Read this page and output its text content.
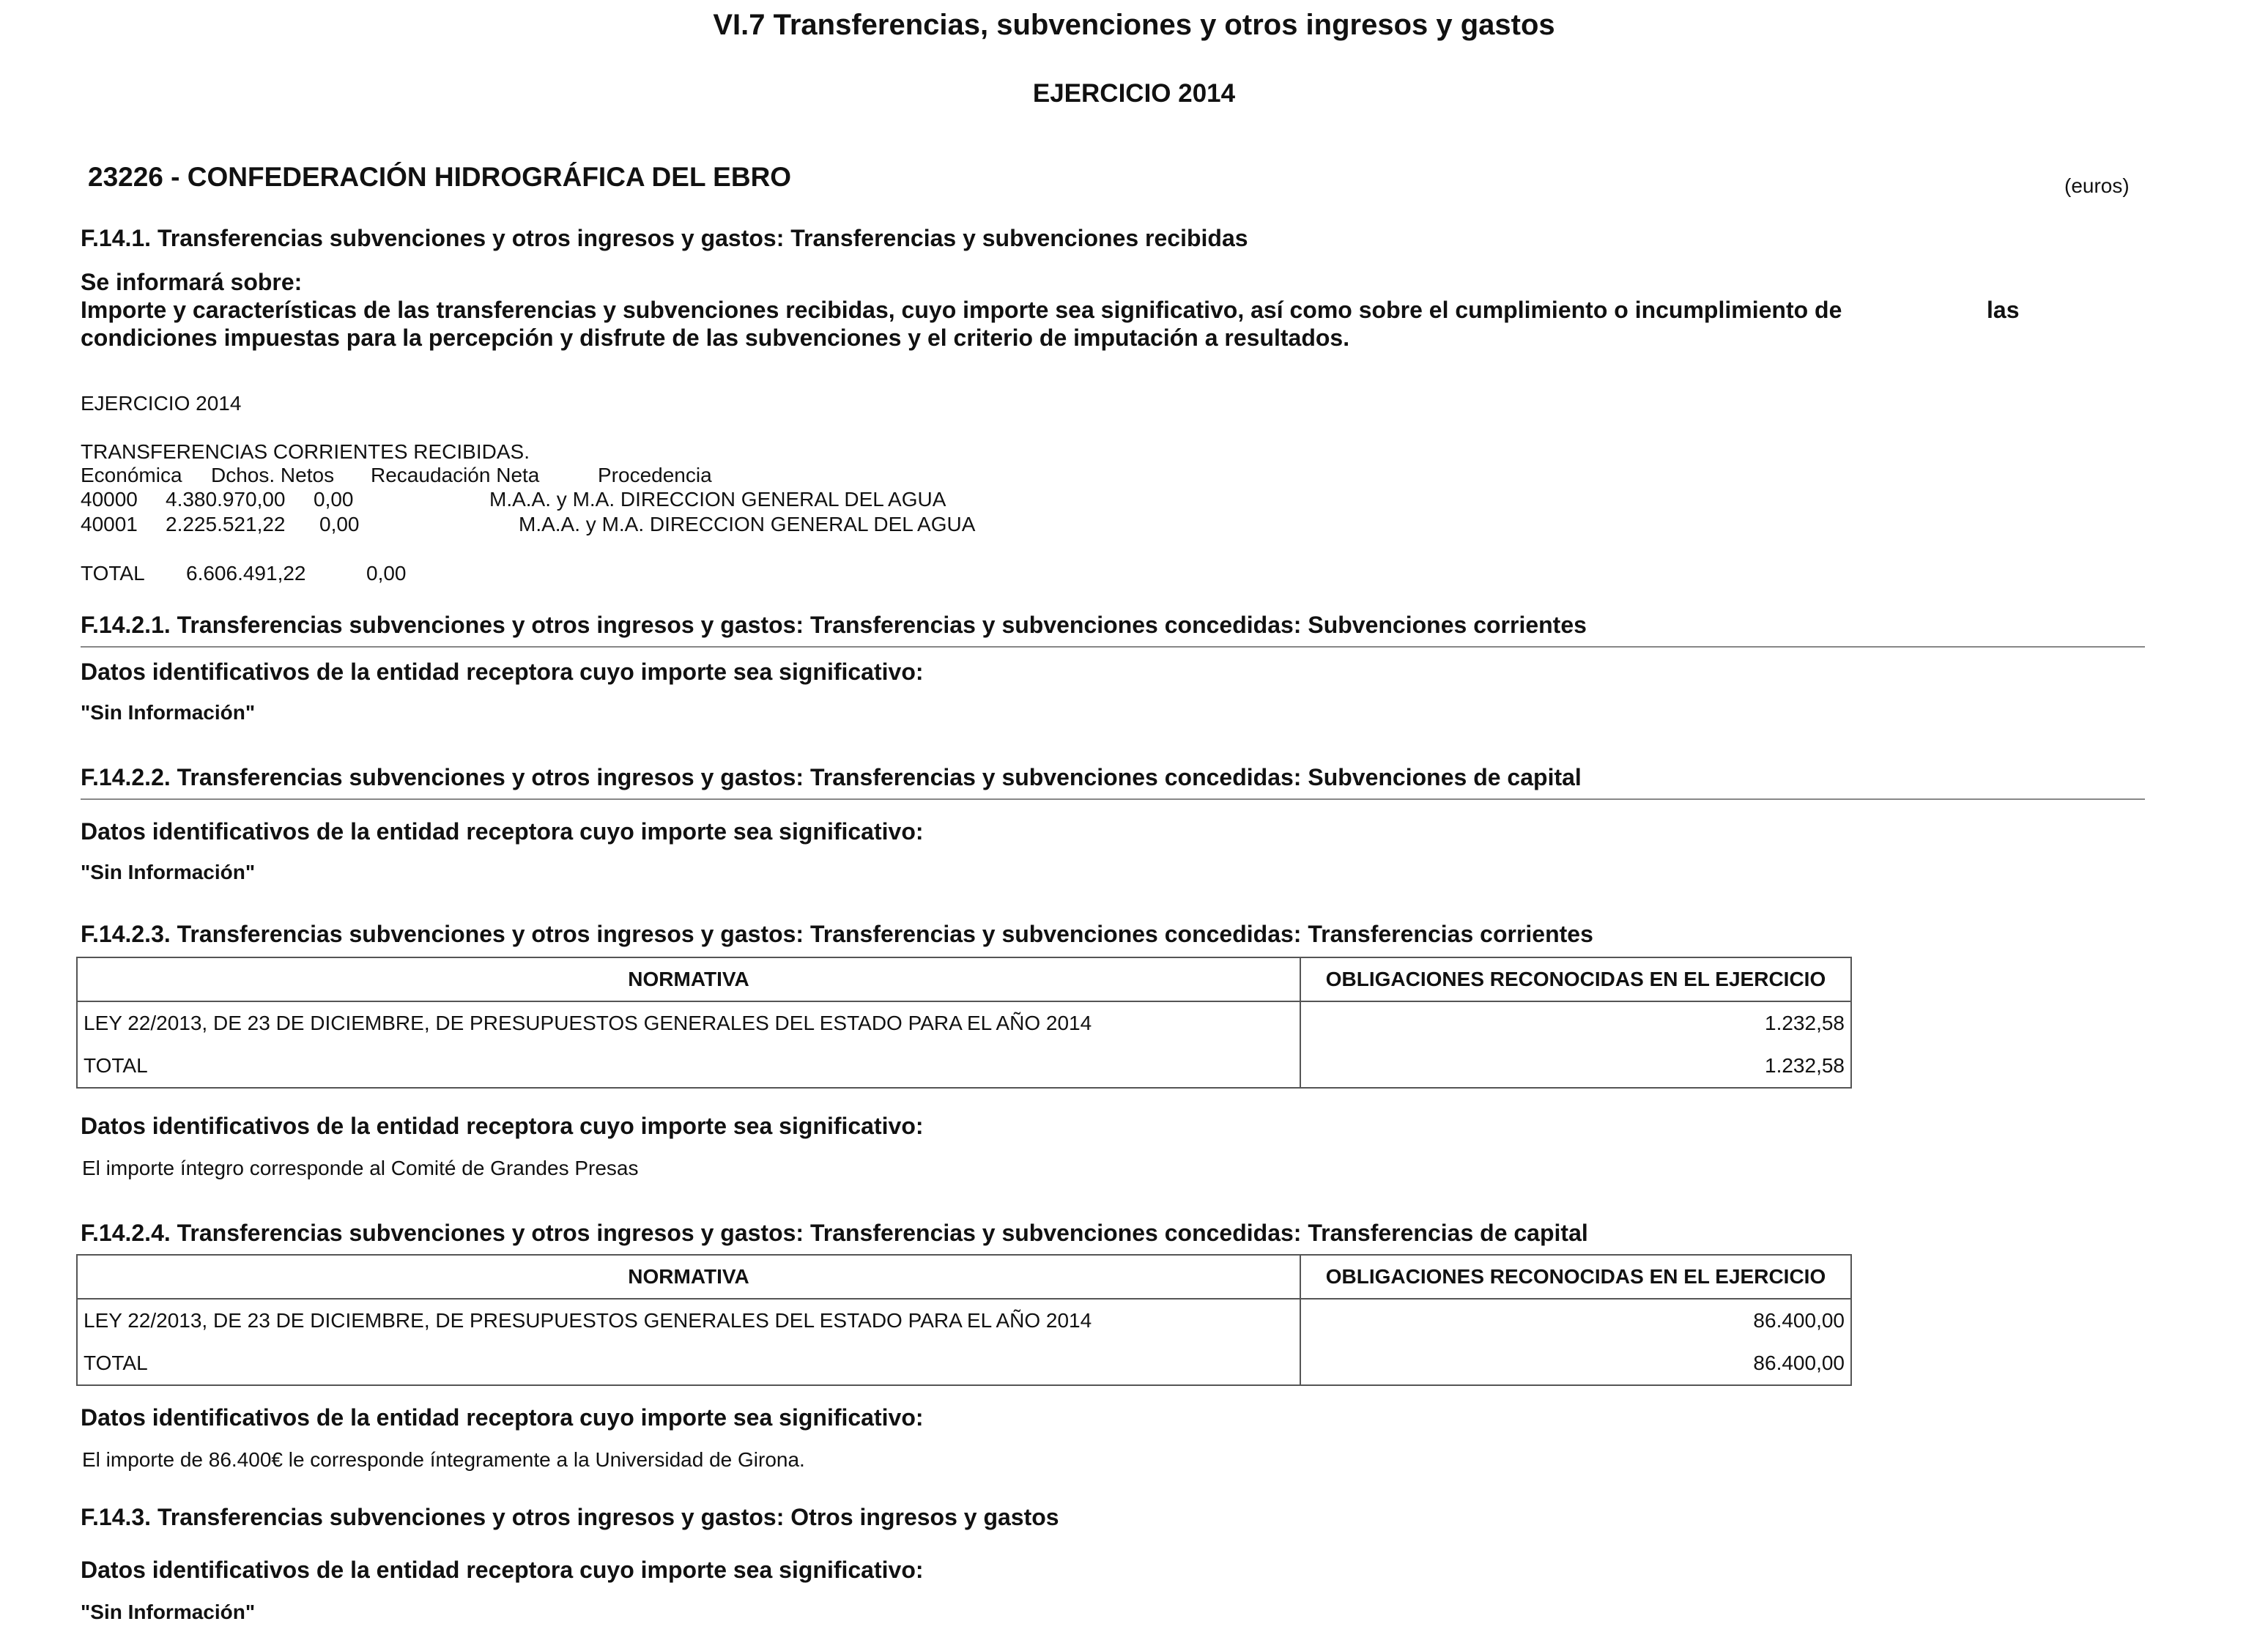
VI.7 Transferencias, subvenciones y otros ingresos y gastos
EJERCICIO 2014
23226 - CONFEDERACIÓN HIDROGRÁFICA DEL EBRO	(euros)
F.14.1. Transferencias subvenciones y otros ingresos y gastos: Transferencias y subvenciones recibidas
Se informará sobre:
Importe y características de las transferencias y subvenciones recibidas, cuyo importe sea significativo, así como sobre el cumplimiento o incumplimiento de	las
condiciones impuestas para la percepción y disfrute de las subvenciones y el criterio de imputación a resultados.
EJERCICIO 2014
TRANSFERENCIAS CORRIENTES RECIBIDAS.
Económica Dchos. Netos Recaudación Neta	Procedencia
40000 4.380.970,00 0,00	M.A.A. y M.A. DIRECCION GENERAL DEL AGUA
40001 2.225.521,22 0,00	M.A.A. y M.A. DIRECCION GENERAL DEL AGUA
TOTAL 6.606.491,22	0,00
F.14.2.1. Transferencias subvenciones y otros ingresos y gastos: Transferencias y subvenciones concedidas: Subvenciones corrientes
Datos identificativos de la entidad receptora cuyo importe sea significativo:
"Sin Información"
F.14.2.2. Transferencias subvenciones y otros ingresos y gastos: Transferencias y subvenciones concedidas: Subvenciones de capital
Datos identificativos de la entidad receptora cuyo importe sea significativo:
"Sin Información"
F.14.2.3. Transferencias subvenciones y otros ingresos y gastos: Transferencias y subvenciones concedidas: Transferencias corrientes
NORMATIVA	OBLIGACIONES RECONOCIDAS EN EL EJERCICIO
LEY 22/2013, DE 23 DE DICIEMBRE, DE PRESUPUESTOS GENERALES DEL ESTADO PARA EL AÑO 2014	1.232,58
TOTAL	1.232,58
Datos identificativos de la entidad receptora cuyo importe sea significativo:
El importe íntegro corresponde al Comité de Grandes Presas
F.14.2.4. Transferencias subvenciones y otros ingresos y gastos: Transferencias y subvenciones concedidas: Transferencias de capital
NORMATIVA	OBLIGACIONES RECONOCIDAS EN EL EJERCICIO
LEY 22/2013, DE 23 DE DICIEMBRE, DE PRESUPUESTOS GENERALES DEL ESTADO PARA EL AÑO 2014	86.400,00
TOTAL	86.400,00
Datos identificativos de la entidad receptora cuyo importe sea significativo:
El importe de 86.400€ le corresponde íntegramente a la Universidad de Girona.
F.14.3. Transferencias subvenciones y otros ingresos y gastos: Otros ingresos y gastos
Datos identificativos de la entidad receptora cuyo importe sea significativo:
"Sin Información"
